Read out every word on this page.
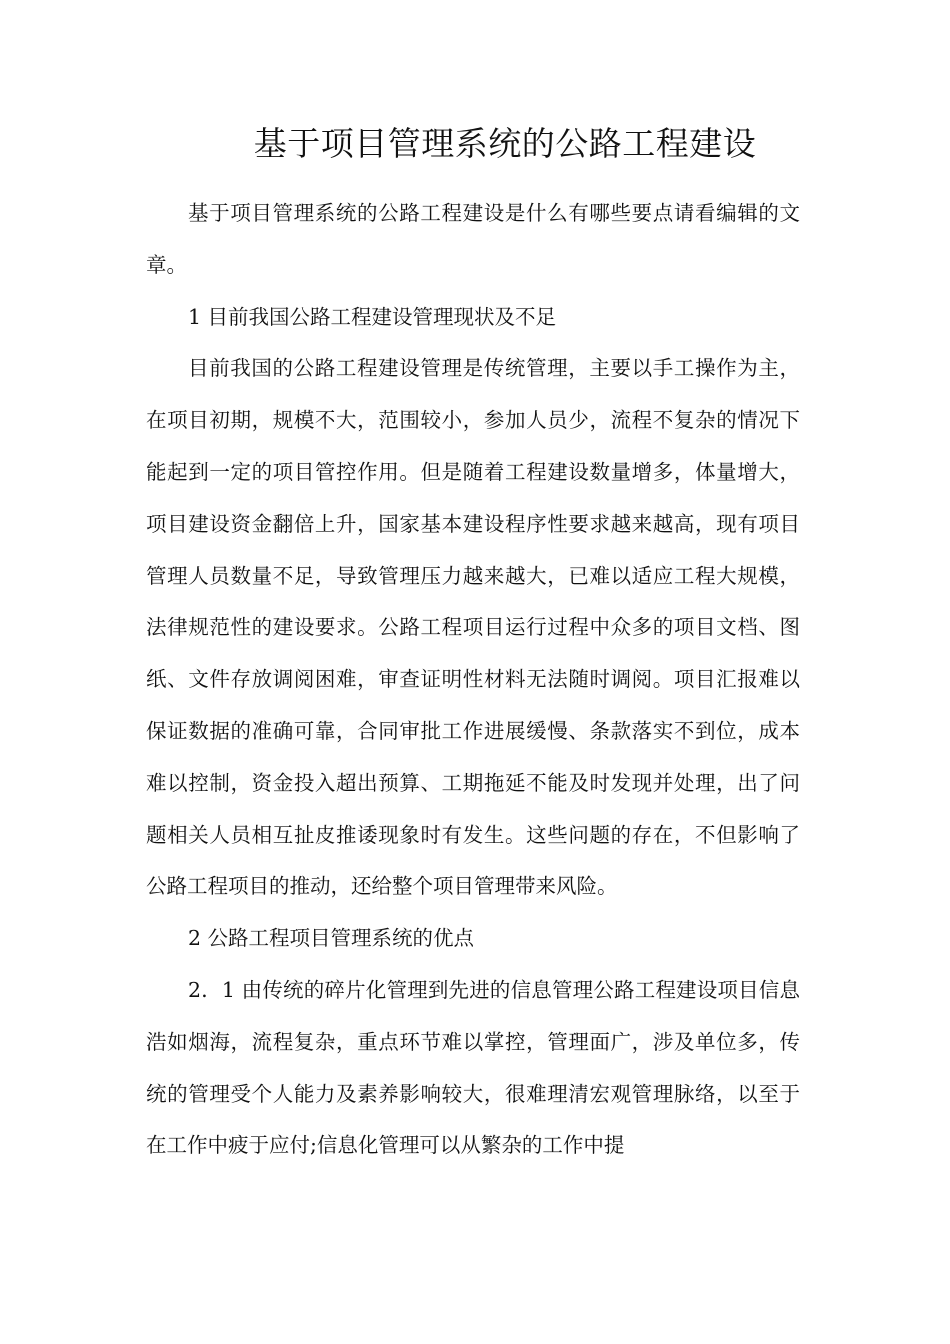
基于项目管理系统的公路工程建设

基于项目管理系统的公路工程建设是什么有哪些要点请看编辑的文章。

1 目前我国公路工程建设管理现状及不足

目前我国的公路工程建设管理是传统管理，主要以手工操作为主，在项目初期，规模不大，范围较小，参加人员少，流程不复杂的情况下能起到一定的项目管控作用。但是随着工程建设数量增多，体量增大，项目建设资金翻倍上升，国家基本建设程序性要求越来越高，现有项目管理人员数量不足，导致管理压力越来越大，已难以适应工程大规模，法律规范性的建设要求。公路工程项目运行过程中众多的项目文档、图纸、文件存放调阅困难，审查证明性材料无法随时调阅。项目汇报难以保证数据的准确可靠，合同审批工作进展缓慢、条款落实不到位，成本难以控制，资金投入超出预算、工期拖延不能及时发现并处理，出了问题相关人员相互扯皮推诿现象时有发生。这些问题的存在，不但影响了公路工程项目的推动，还给整个项目管理带来风险。

2 公路工程项目管理系统的优点

2．1 由传统的碎片化管理到先进的信息管理公路工程建设项目信息浩如烟海，流程复杂，重点环节难以掌控，管理面广，涉及单位多，传统的管理受个人能力及素养影响较大，很难理清宏观管理脉络，以至于在工作中疲于应付;信息化管理可以从繁杂的工作中提
